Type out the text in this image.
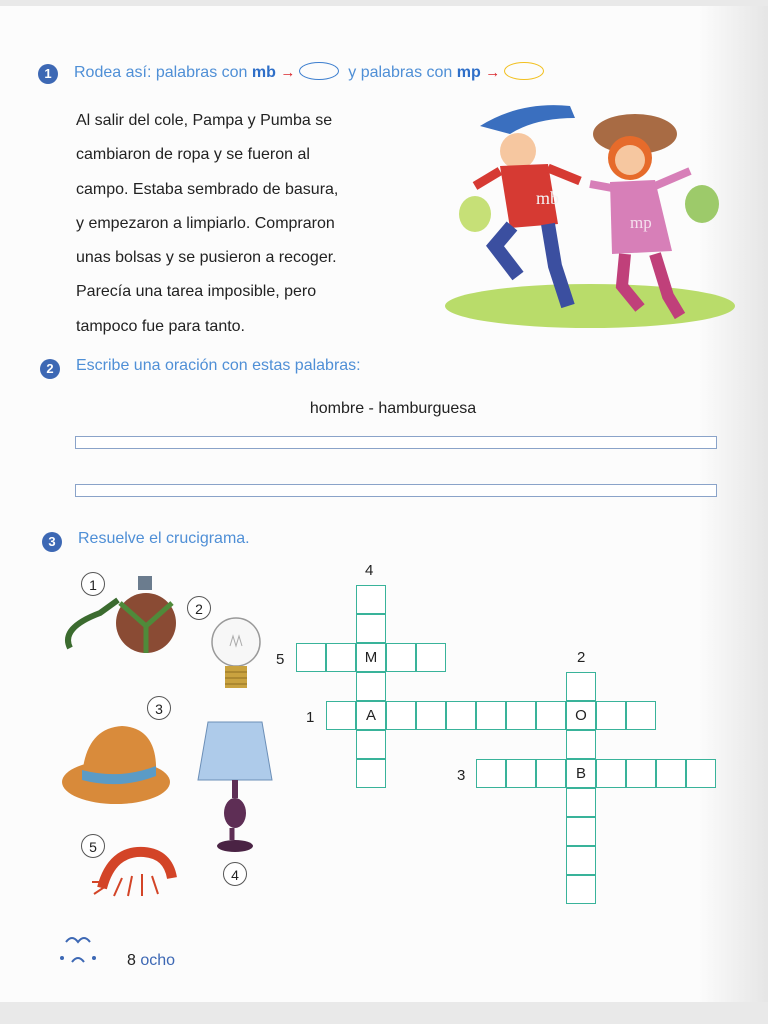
1	Rodea así: palabras con mb →	y palabras con mp →
Al salir del cole, Pampa y Pumba se
cambiaron de ropa y se fueron al
campo. Estaba sembrado de basura,
y empezaron a limpiarlo. Compraron
unas bolsas y se pusieron a recoger.
Parecía una tarea imposible, pero
tampoco fue para tanto.
mb
mp
2	Escribe una oración con estas palabras:
hombre - hamburguesa
3	Resuelve el crucigrama.
1
2
3
4
5
4
5	2
1
3
M
A	O
B
8 ocho
